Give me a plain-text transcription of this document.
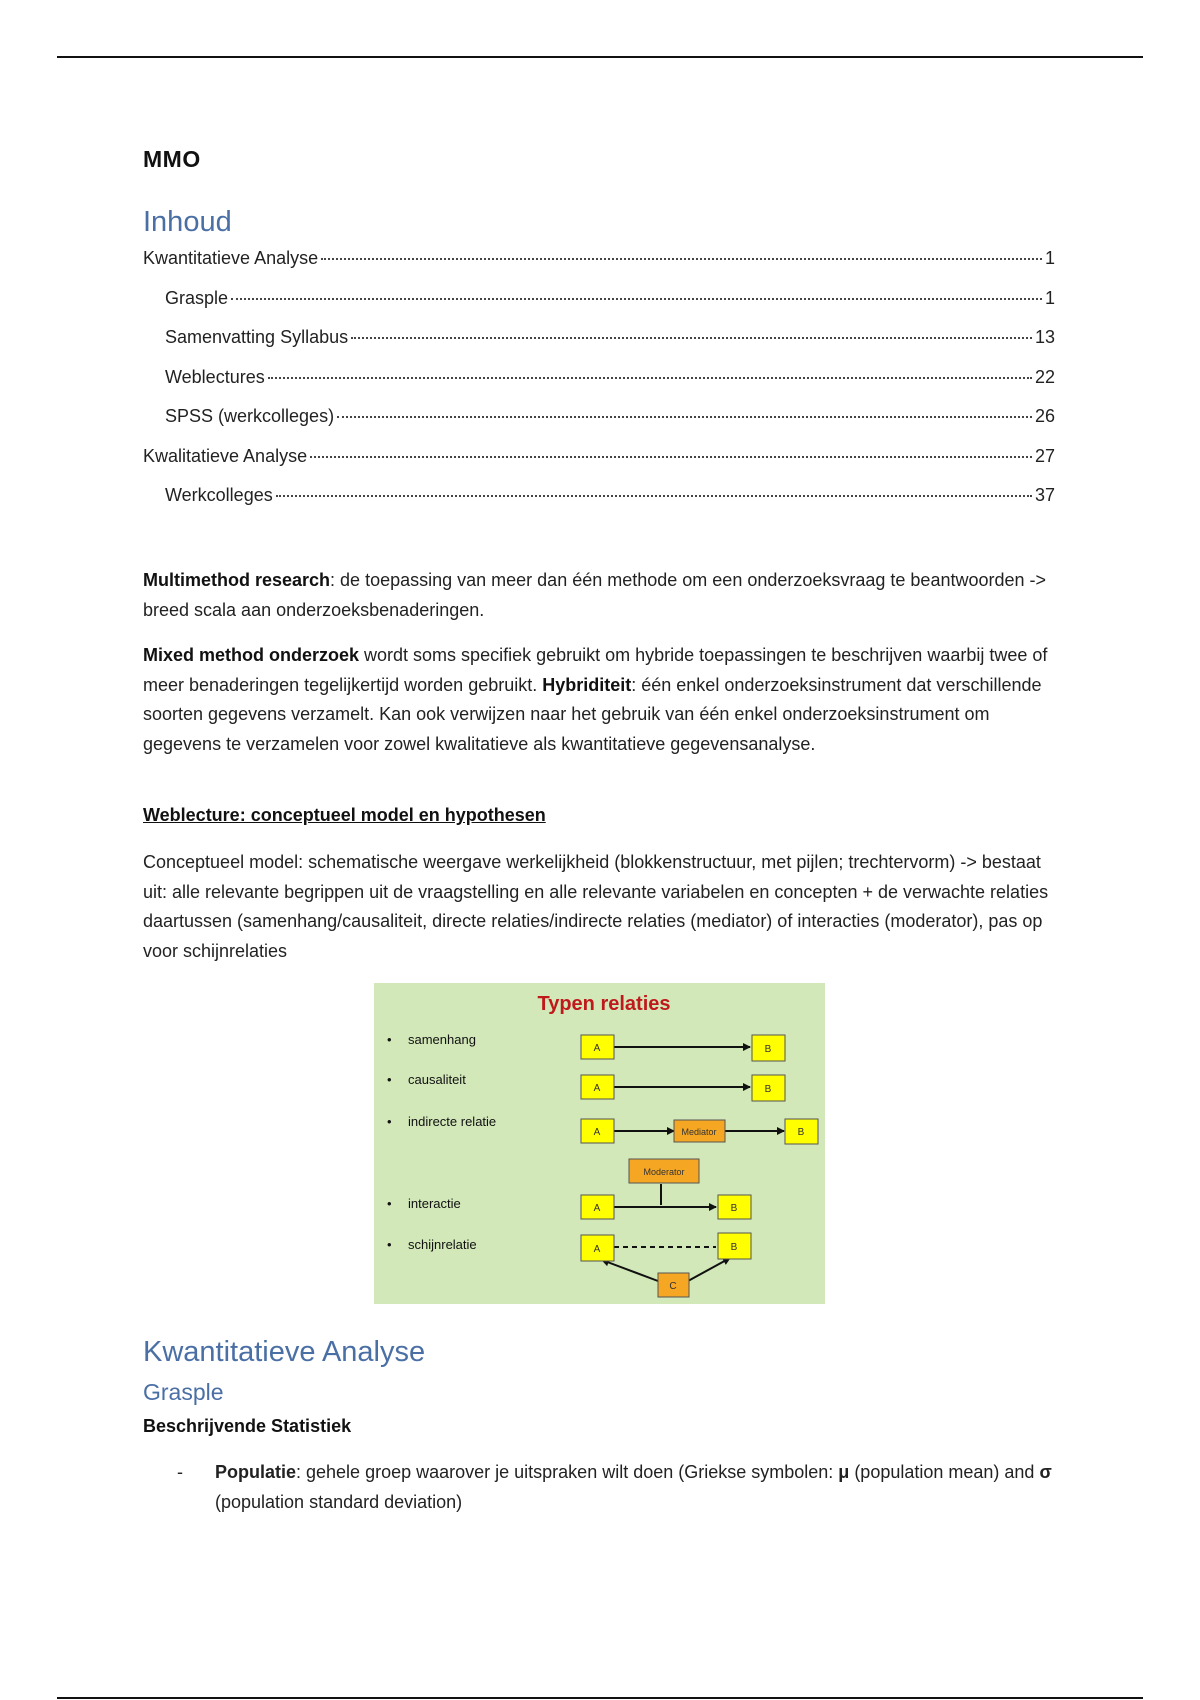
MMO
Inhoud
Kwantitatieve Analyse	1
Grasple	1
Samenvatting Syllabus	13
Weblectures	22
SPSS (werkcolleges)	26
Kwalitatieve Analyse	27
Werkcolleges	37
Multimethod research: de toepassing van meer dan één methode om een onderzoeksvraag te beantwoorden -> breed scala aan onderzoeksbenaderingen.
Mixed method onderzoek wordt soms specifiek gebruikt om hybride toepassingen te beschrijven waarbij twee of meer benaderingen tegelijkertijd worden gebruikt. Hybriditeit: één enkel onderzoeksinstrument dat verschillende soorten gegevens verzamelt. Kan ook verwijzen naar het gebruik van één enkel onderzoeksinstrument om gegevens te verzamelen voor zowel kwalitatieve als kwantitatieve gegevensanalyse.
Weblecture: conceptueel model en hypothesen
Conceptueel model: schematische weergave werkelijkheid (blokkenstructuur, met pijlen; trechtervorm) -> bestaat uit: alle relevante begrippen uit de vraagstelling en alle relevante variabelen en concepten + de verwachte relaties daartussen (samenhang/causaliteit, directe relaties/indirecte relaties (mediator) of interacties (moderator), pas op voor schijnrelaties
Typen relaties
• samenhang
• causaliteit
• indirecte relatie
• interactie
• schijnrelatie
A	B
A	B
A	Mediator	B
Moderator
A	B
A	B
C
Kwantitatieve Analyse
Grasple
Beschrijvende Statistiek
- Populatie: gehele groep waarover je uitspraken wilt doen (Griekse symbolen: μ (population mean) and σ (population standard deviation)
